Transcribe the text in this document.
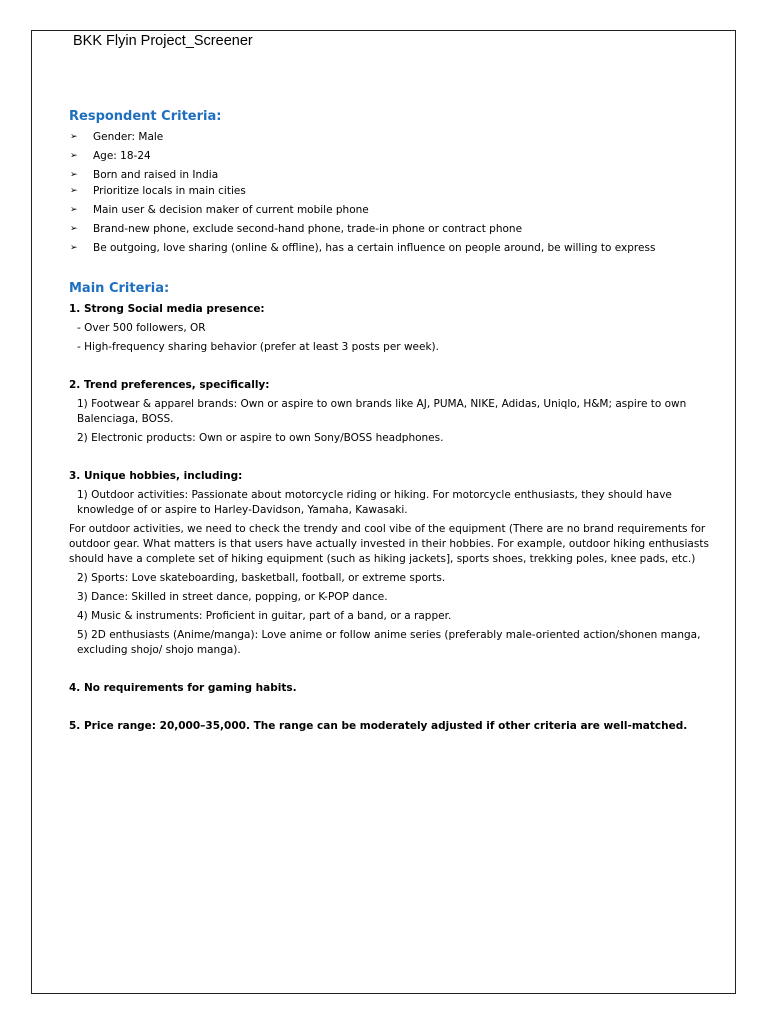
BKK Flyin Project_Screener
Respondent Criteria:
➢ Gender: Male
➢ Age: 18-24
➢ Born and raised in India
➢ Prioritize locals in main cities
➢ Main user & decision maker of current mobile phone
➢ Brand-new phone, exclude second-hand phone, trade-in phone or contract phone
➢ Be outgoing, love sharing (online & offline), has a certain influence on people around, be willing to express
Main Criteria:

1. Strong Social media presence:

- Over 500 followers, OR

- High-frequency sharing behavior (prefer at least 3 posts per week).

2. Trend preferences, specifically:

1) Footwear & apparel brands: Own or aspire to own brands like AJ, PUMA, NIKE, Adidas, Uniqlo, H&M; aspire to own Balenciaga, BOSS.

2) Electronic products: Own or aspire to own Sony/BOSS headphones.

3. Unique hobbies, including:

1) Outdoor activities: Passionate about motorcycle riding or hiking. For motorcycle enthusiasts, they should have knowledge of or aspire to Harley-Davidson, Yamaha, Kawasaki.

For outdoor activities, we need to check the trendy and cool vibe of the equipment (There are no brand requirements for outdoor gear. What matters is that users have actually invested in their hobbies. For example, outdoor hiking enthusiasts should have a complete set of hiking equipment (such as hiking jackets], sports shoes, trekking poles, knee pads, etc.)

2) Sports: Love skateboarding, basketball, football, or extreme sports.

3) Dance: Skilled in street dance, popping, or K-POP dance.

4) Music & instruments: Proficient in guitar, part of a band, or a rapper.

5) 2D enthusiasts (Anime/manga): Love anime or follow anime series (preferably male-oriented action/shonen manga, excluding shojo/ shojo manga).

4. No requirements for gaming habits.

5. Price range: 20,000–35,000. The range can be moderately adjusted if other criteria are well-matched.
